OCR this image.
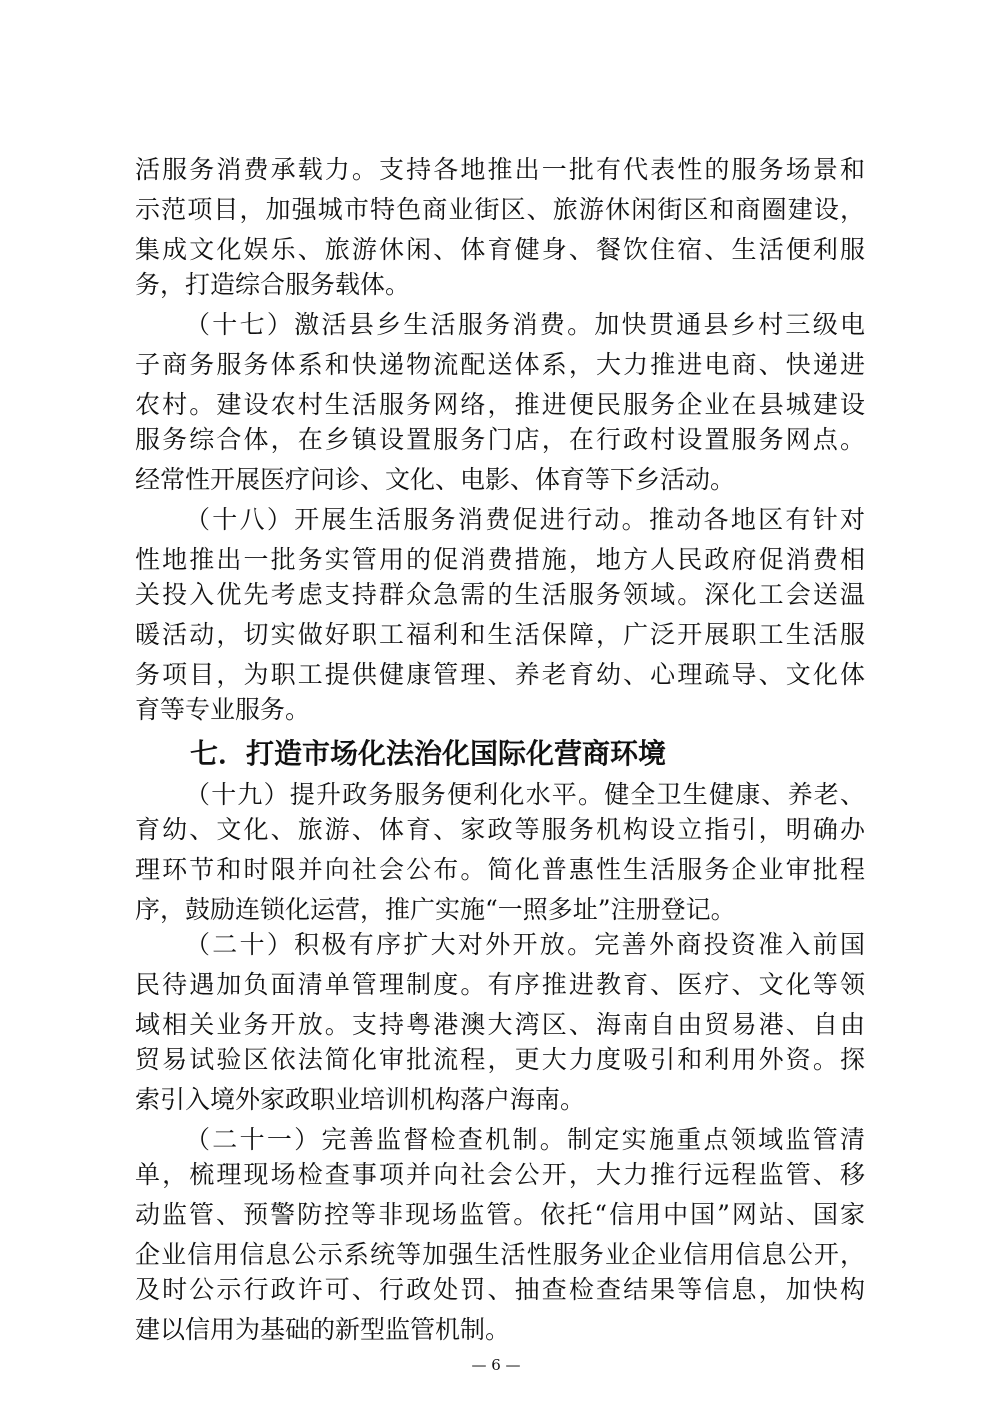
活服务消费承载力。支持各地推出一批有代表性的服务场景和
示范项目，加强城市特色商业街区、旅游休闲街区和商圈建设，
集成文化娱乐、旅游休闲、体育健身、餐饮住宿、生活便利服
务，打造综合服务载体。
（十七）激活县乡生活服务消费。加快贯通县乡村三级电
子商务服务体系和快递物流配送体系，大力推进电商、快递进
农村。建设农村生活服务网络，推进便民服务企业在县城建设
服务综合体，在乡镇设置服务门店，在行政村设置服务网点。
经常性开展医疗问诊、文化、电影、体育等下乡活动。
（十八）开展生活服务消费促进行动。推动各地区有针对
性地推出一批务实管用的促消费措施，地方人民政府促消费相
关投入优先考虑支持群众急需的生活服务领域。深化工会送温
暖活动，切实做好职工福利和生活保障，广泛开展职工生活服
务项目，为职工提供健康管理、养老育幼、心理疏导、文化体
育等专业服务。
七．打造市场化法治化国际化营商环境
（十九）提升政务服务便利化水平。健全卫生健康、养老、
育幼、文化、旅游、体育、家政等服务机构设立指引，明确办
理环节和时限并向社会公布。简化普惠性生活服务企业审批程
序，鼓励连锁化运营，推广实施“一照多址”注册登记。
（二十）积极有序扩大对外开放。完善外商投资准入前国
民待遇加负面清单管理制度。有序推进教育、医疗、文化等领
域相关业务开放。支持粤港澳大湾区、海南自由贸易港、自由
贸易试验区依法简化审批流程，更大力度吸引和利用外资。探
索引入境外家政职业培训机构落户海南。
（二十一）完善监督检查机制。制定实施重点领域监管清
单，梳理现场检查事项并向社会公开，大力推行远程监管、移
动监管、预警防控等非现场监管。依托“信用中国”网站、国家
企业信用信息公示系统等加强生活性服务业企业信用信息公开，
及时公示行政许可、行政处罚、抽查检查结果等信息，加快构
建以信用为基础的新型监管机制。
— 6 —
